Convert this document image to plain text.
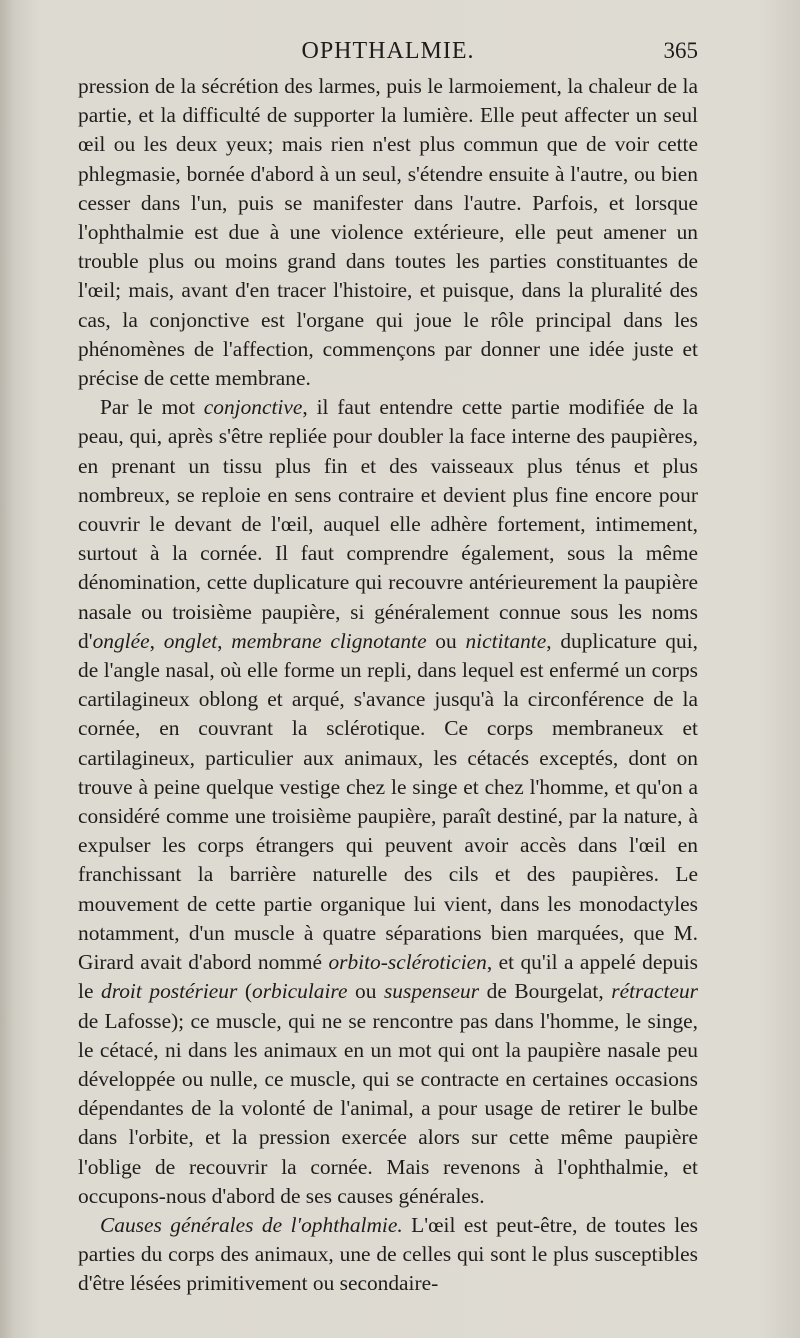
OPHTHALMIE.	365

pression de la sécrétion des larmes, puis le larmoiement, la chaleur de la partie, et la difficulté de supporter la lumière. Elle peut affecter un seul œil ou les deux yeux; mais rien n'est plus commun que de voir cette phlegmasie, bornée d'abord à un seul, s'étendre ensuite à l'autre, ou bien cesser dans l'un, puis se manifester dans l'autre. Parfois, et lorsque l'ophthalmie est due à une violence extérieure, elle peut amener un trouble plus ou moins grand dans toutes les parties constituantes de l'œil; mais, avant d'en tracer l'histoire, et puisque, dans la pluralité des cas, la conjonctive est l'organe qui joue le rôle principal dans les phénomènes de l'affection, commençons par donner une idée juste et précise de cette membrane.

Par le mot conjonctive, il faut entendre cette partie modifiée de la peau, qui, après s'être repliée pour doubler la face interne des paupières, en prenant un tissu plus fin et des vaisseaux plus ténus et plus nombreux, se reploie en sens contraire et devient plus fine encore pour couvrir le devant de l'œil, auquel elle adhère fortement, intimement, surtout à la cornée. Il faut comprendre également, sous la même dénomination, cette duplicature qui recouvre antérieurement la paupière nasale ou troisième paupière, si généralement connue sous les noms d'onglée, onglet, membrane clignotante ou nictitante, duplicature qui, de l'angle nasal, où elle forme un repli, dans lequel est enfermé un corps cartilagineux oblong et arqué, s'avance jusqu'à la circonférence de la cornée, en couvrant la sclérotique. Ce corps membraneux et cartilagineux, particulier aux animaux, les cétacés exceptés, dont on trouve à peine quelque vestige chez le singe et chez l'homme, et qu'on a considéré comme une troisième paupière, paraît destiné, par la nature, à expulser les corps étrangers qui peuvent avoir accès dans l'œil en franchissant la barrière naturelle des cils et des paupières. Le mouvement de cette partie organique lui vient, dans les monodactyles notamment, d'un muscle à quatre séparations bien marquées, que M. Girard avait d'abord nommé orbito-scléroticien, et qu'il a appelé depuis le droit postérieur (orbiculaire ou suspenseur de Bourgelat, rétracteur de Lafosse); ce muscle, qui ne se rencontre pas dans l'homme, le singe, le cétacé, ni dans les animaux en un mot qui ont la paupière nasale peu développée ou nulle, ce muscle, qui se contracte en certaines occasions dépendantes de la volonté de l'animal, a pour usage de retirer le bulbe dans l'orbite, et la pression exercée alors sur cette même paupière l'oblige de recouvrir la cornée. Mais revenons à l'ophthalmie, et occupons-nous d'abord de ses causes générales.

Causes générales de l'ophthalmie. L'œil est peut-être, de toutes les parties du corps des animaux, une de celles qui sont le plus susceptibles d'être lésées primitivement ou secondaire-
